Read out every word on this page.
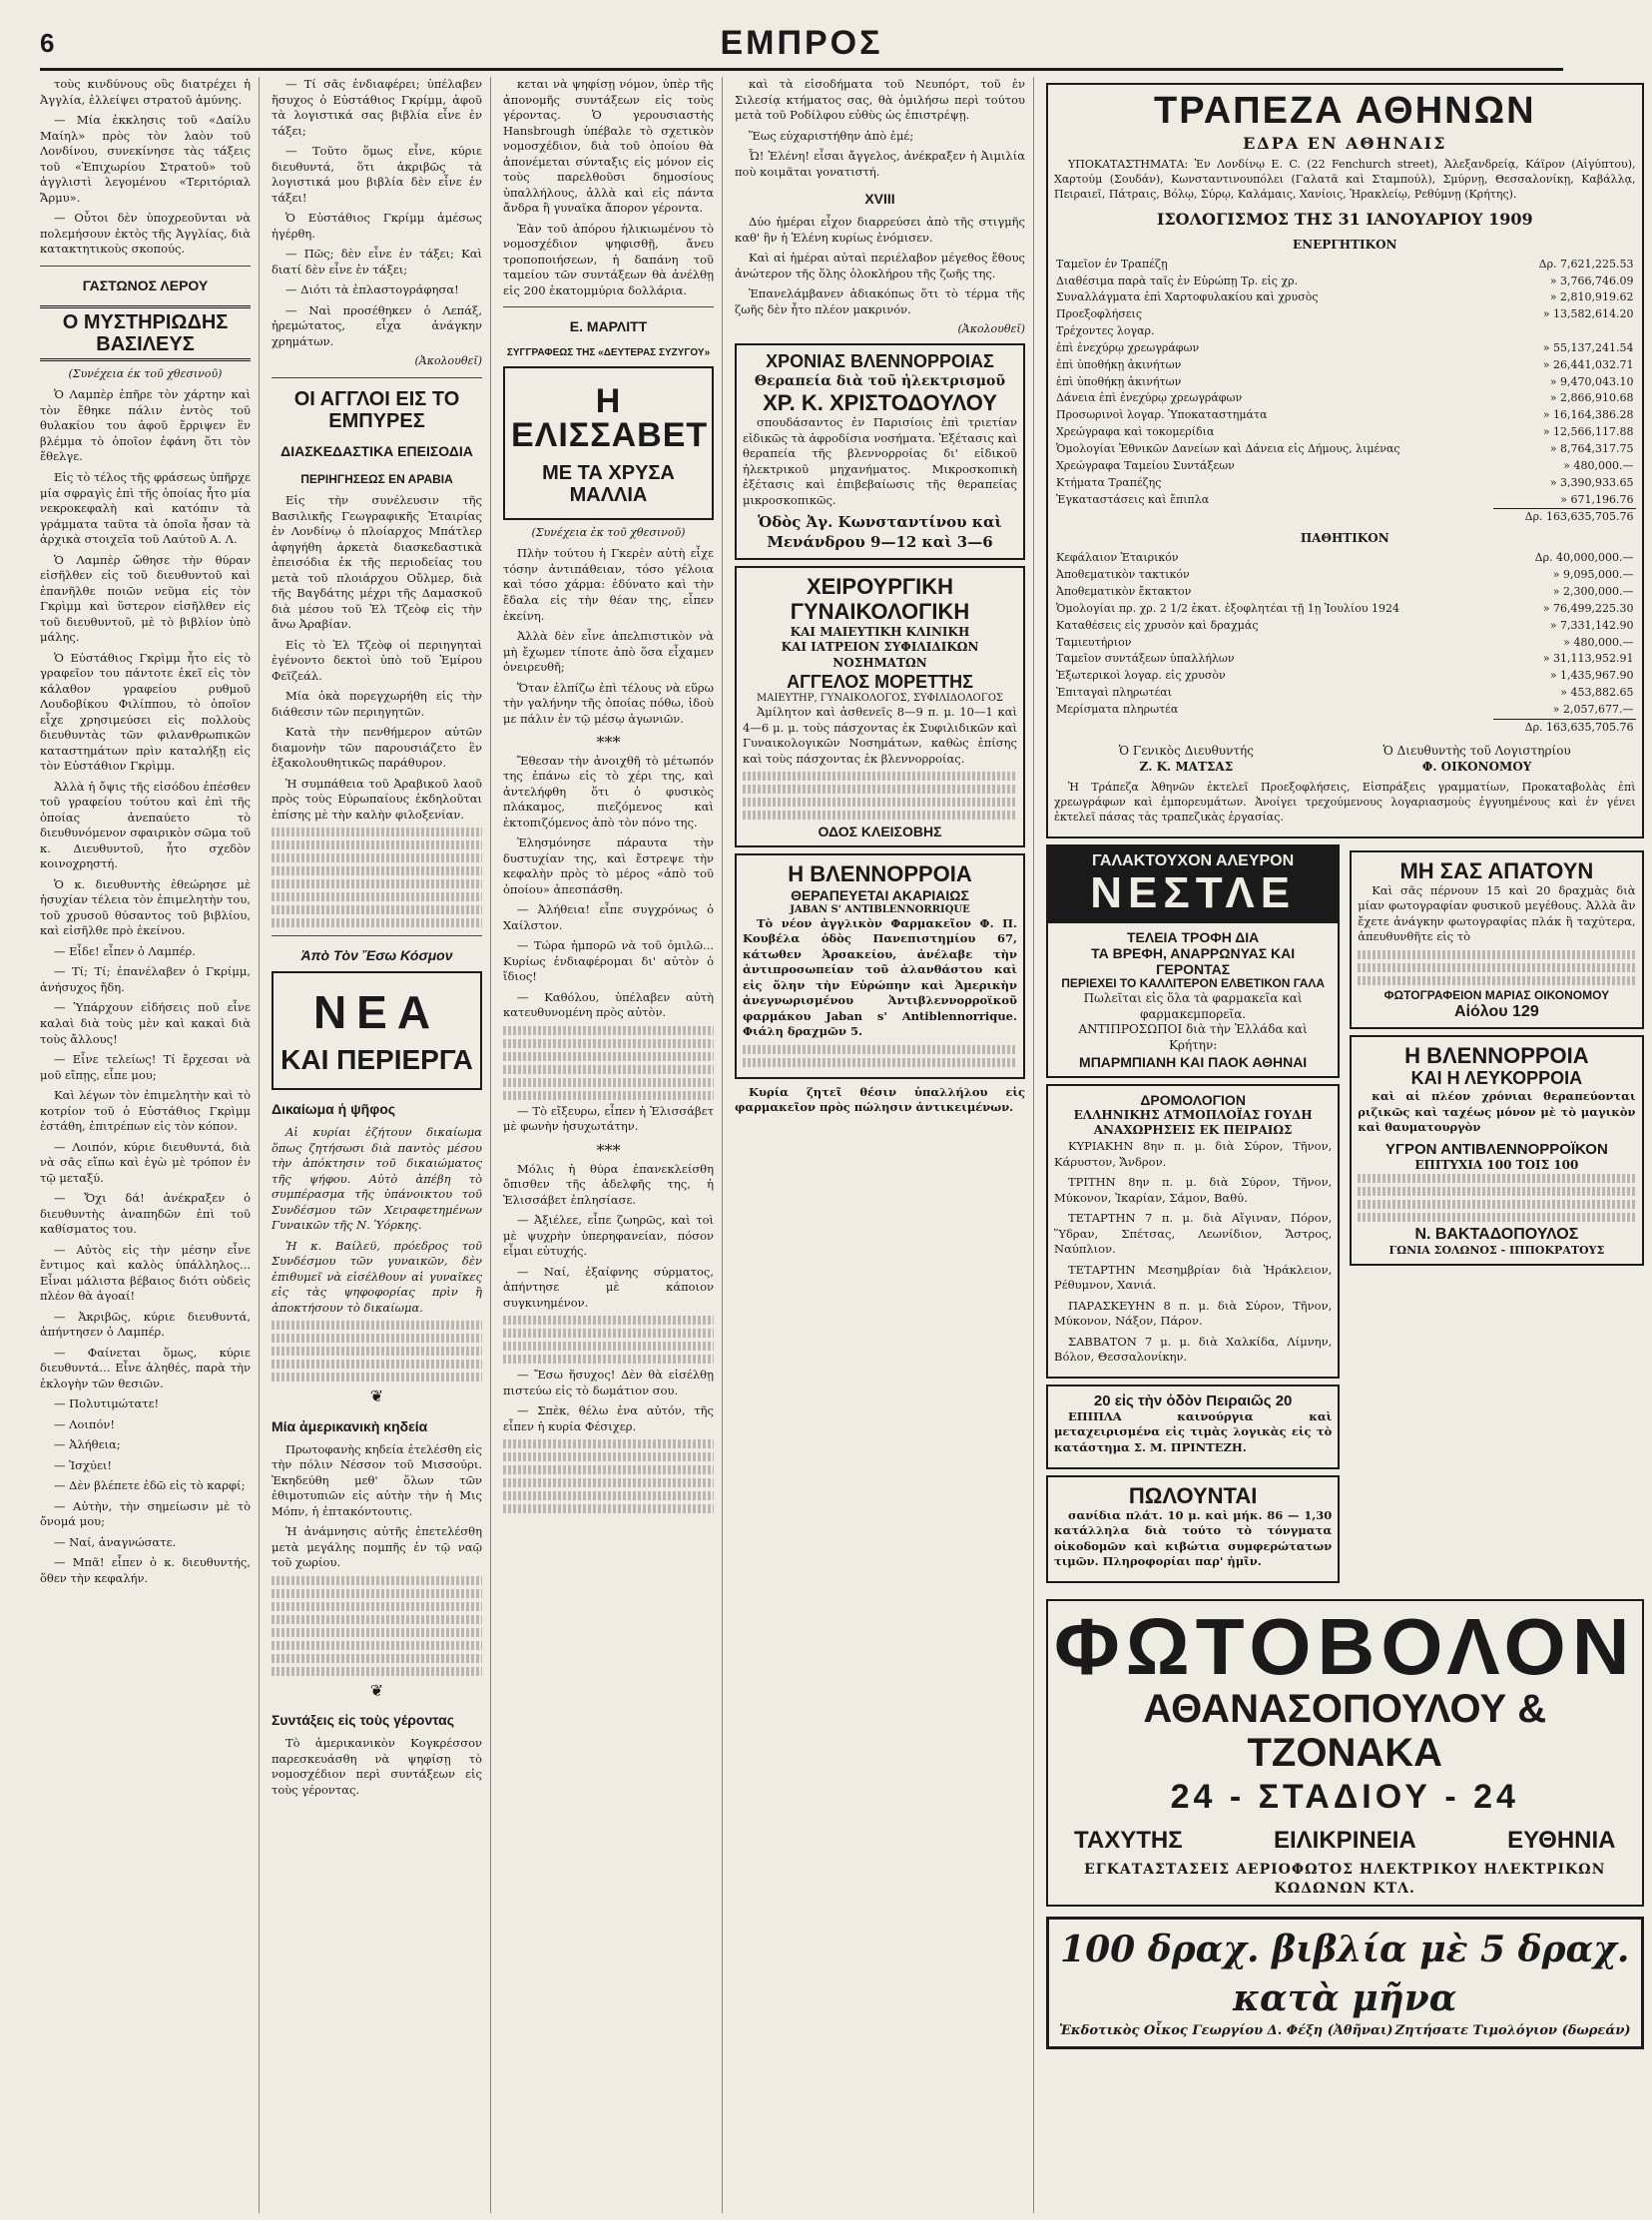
6	ΕΜΠΡΟΣ

τοὺς κινδύνους οὓς διατρέχει ἡ Ἀγγλία, ἐλλείψει στρατοῦ ἀμύνης.

— Μία ἐκκλησις τοῦ «Δαίλυ Μαίηλ» πρὸς τὸν λαὸν τοῦ Λονδίνου, συνεκίνησε τὰς τάξεις τοῦ «Ἐπιχωρίου Στρατοῦ» τοῦ ἀγγλιστὶ λεγομένου «Τεριτόριαλ Ἄρμυ».

— Οὗτοι δὲν ὑποχρεοῦνται νὰ πολεμήσουν ἐκτὸς τῆς Ἀγγλίας, διὰ κατακτητικοὺς σκοπούς.

ΓΑΣΤΩΝΟΣ ΛΕΡΟΥ
Ο ΜΥΣΤΗΡΙΩΔΗΣ ΒΑΣΙΛΕΥΣ
(Συνέχεια έκ τοῦ χθεσινοῦ)

Ὁ Λαμπὲρ ἐπῆρε τὸν χάρτην καὶ τὸν ἔθηκε πάλιν ἐντὸς τοῦ θυλακίου του ἀφοῦ ἔρριψεν ἓν βλέμμα τὸ ὁποῖον ἐφάνη ὅτι τὸν ἔθελγε.

Εἰς τὸ τέλος τῆς φράσεως ὑπῆρχε μία σφραγὶς ἐπὶ τῆς ὁποίας ἦτο μία νεκροκεφαλὴ καὶ κατόπιν τὰ γράμματα ταῦτα τὰ ὁποῖα ἦσαν τὰ ἀρχικὰ στοιχεῖα τοῦ Λαύτοῦ Α. Λ.

Ὁ Λαμπὲρ ὤθησε τὴν θύραν εἰσῆλθεν εἰς τοῦ διευθυντοῦ καὶ ἐπανῆλθε ποιῶν νεῦμα εἰς τὸν Γκρὶμμ καὶ ὕστερον εἰσῆλθεν εἰς τοῦ διευθυντοῦ, μὲ τὸ βιβλίον ὑπὸ μάλης.

Ὁ Εὐστάθιος Γκρὶμμ ἦτο εἰς τὸ γραφεῖον του πάντοτε ἐκεῖ εἰς τὸν κάλαθον γραφείου ρυθμοῦ Λουδοβίκου Φιλίππου, τὸ ὁποῖον εἶχε χρησιμεύσει εἰς πολλοὺς διευθυντὰς τῶν φιλανθρωπικῶν καταστημάτων πρὶν καταλήξῃ εἰς τὸν Εὐστάθιον Γκρὶμμ.

Ἀλλὰ ἡ ὄψις τῆς εἰσόδου ἐπέσθεν τοῦ γραφείου τούτου καὶ ἐπὶ τῆς ὁποίας ἀνεπαύετο τὸ διευθυνόμενον σφαιρικὸν σῶμα τοῦ κ. Διευθυντοῦ, ἦτο σχεδὸν κοινοχρηστή.

Ὁ κ. διευθυντὴς ἐθεώρησε μὲ ἡσυχίαν τέλεια τὸν ἐπιμελητὴν του, τοῦ χρυσοῦ θύσαντος τοῦ βιβλίου, καὶ εἰσῆλθε πρὸ ἐκείνου.

— Εἶδε! εἶπεν ὁ Λαμπέρ.

— Τί; Τί; ἐπανέλαβεν ὁ Γκρίμμ, ἀνήσυχος ἤδη.

— Ὑπάρχουν εἰδήσεις ποῦ εἶνε καλαὶ διὰ τοὺς μὲν καὶ κακαὶ διὰ τοὺς ἄλλους!

— Εἶνε τελείως! Τί ἔρχεσαι νὰ μοῦ εἴπῃς, εἶπε μου;

Καὶ λέγων τὸν ἐπιμελητὴν καὶ τὸ κοτρίον τοῦ ὁ Εὐστάθιος Γκρὶμμ ἐστάθη, ἐπιτρέπων εἰς τὸν κόπον.

— Λοιπόν, κύριε διευθυντά, διὰ νὰ σᾶς εἴπω καὶ ἐγὼ μὲ τρόπον ἐν τῷ μεταξύ.

— Ὄχι δά! ἀνέκραξεν ὁ διευθυντὴς ἀναπηδῶν ἐπὶ τοῦ καθίσματος του.

— Αὐτὸς εἰς τὴν μέσην εἶνε ἔντιμος καὶ καλὸς ὑπάλληλος... Εἶναι μάλιστα βέβαιος διότι οὐδεὶς πλέον θὰ ἀγοαί!

— Ἀκριβῶς, κύριε διευθυντά, ἀπήντησεν ὁ Λαμπέρ.

— Φαίνεται ὅμως, κύριε διευθυντά... Εἶνε ἀληθές, παρὰ τὴν ἐκλογὴν τῶν θεσιῶν.

— Πολυτιμώτατε!

— Λοιπόν!

— Ἀλήθεια;

— Ἰσχύει!

— Δὲν βλέπετε ἐδῶ εἰς τὸ καρφί;

— Αὐτὴν, τὴν σημείωσιν μὲ τὸ ὄνομά μου;

— Ναί, ἀναγνώσατε.

— Μπᾶ! εἶπεν ὁ κ. διευθυντής, ὅθεν τὴν κεφαλήν.

— Τί σᾶς ἐνδιαφέρει; ὑπέλαβεν ἥσυχος ὁ Εὐστάθιος Γκρίμμ, ἀφοῦ τὰ λογιστικά σας βιβλία εἶνε ἐν τάξει;

— Τοῦτο ὅμως εἶνε, κύριε διευθυντά, ὅτι ἀκριβῶς τὰ λογιστικά μου βιβλία δὲν εἶνε ἐν τάξει!

Ὁ Εὐστάθιος Γκρίμμ ἀμέσως ἠγέρθη.

— Πῶς; δὲν εἶνε ἐν τάξει; Καὶ διατί δὲν εἶνε ἐν τάξει;

— Διότι τὰ ἐπλαστογράφησα!

— Ναὶ προσέθηκεν ὁ Λεπάξ, ἠρεμώτατος, εἶχα ἀνάγκην χρημάτων.

(Ἀκολουθεῖ)
ΟΙ ΑΓΓΛΟΙ ΕΙΣ ΤΟ ΕΜΠΥΡΕΣ
ΔΙΑΣΚΕΔΑΣΤΙΚΑ ΕΠΕΙΣΟΔΙΑ
ΠΕΡΙΗΓΗΣΕΩΣ ΕΝ ΑΡΑΒΙΑ

Εἰς τὴν συνέλευσιν τῆς Βασιλικῆς Γεωγραφικῆς Ἑταιρίας ἐν Λονδίνῳ ὁ πλοίαρχος Μπάτλερ ἀφηγήθη ἀρκετὰ διασκεδαστικὰ ἐπεισόδια ἐκ τῆς περιοδείας του μετὰ τοῦ πλοιάρχου Οὔλμερ, διὰ τῆς Βαγδάτης μέχρι τῆς Δαμασκοῦ διὰ μέσου τοῦ Ἑλ Τζεὸφ εἰς τὴν ἄνω Ἀραβίαν.

Εἰς τὸ Ἑλ Τζεὸφ οἱ περιηγηταὶ ἐγένοντο δεκτοὶ ὑπὸ τοῦ Ἐμίρου Φεϊζεάλ.

Μία ὀκὰ πορεγχωρήθη εἰς τὴν διάθεσιν τῶν περιηγητῶν.

Κατὰ τὴν πενθήμερον αὐτῶν διαμονὴν τῶν παρουσιάζετο ἓν ἑξακολουθητικῶς παράθυρον.

Ἡ συμπάθεια τοῦ Ἀραβικοῦ λαοῦ πρὸς τοὺς Εὐρωπαίους ἐκδηλοῦται ἐπίσης μὲ τὴν καλὴν φιλοξενίαν.

Ἀπὸ Τὸν Ἔσω Κόσμον
ΝΕΑ
ΚΑΙ ΠΕΡΙΕΡΓΑ
Δικαίωμα ἡ ψῆφος

Αἱ κυρίαι ἐζήτουν δικαίωμα ὅπως ζητήσωσι διὰ παντὸς μέσου τὴν ἀπόκτησιν τοῦ δικαιώματος τῆς ψήφου. Αὐτὸ ἀπέβη τὸ συμπέρασμα τῆς ὑπάνοικτου τοῦ Συνδέσμου τῶν Χειραφετημένων Γυναικῶν τῆς Ν. Ὑόρκης.

Ἡ κ. Βαίλεϋ, πρόεδρος τοῦ Συνδέσμου τῶν γυναικῶν, δὲν ἐπιθυμεῖ νὰ εἰσέλθουν αἱ γυναῖκες εἰς τὰς ψηφοφορίας πρὶν ἢ ἀποκτήσουν τὸ δικαίωμα.

❦
Μία ἀμερικανικὴ κηδεία

Πρωτοφανὴς κηδεία ἐτελέσθη εἰς τὴν πόλιν Νέσσον τοῦ Μισσούρι. Ἐκηδεύθη μεθ' ὅλων τῶν ἐθιμοτυπιῶν εἰς αὐτὴν τὴν ἡ Μις Μόπν, ἡ ἐπτακόντουτις.

Ἡ ἀνάμνησις αὐτῆς ἐπετελέσθη μετὰ μεγάλης πομπῆς ἐν τῷ ναῷ τοῦ χωρίου.

❦
Συντάξεις εἰς τοὺς γέροντας

Τὸ ἀμερικανικὸν Κογκρέσσον παρεσκευάσθη νὰ ψηφίσῃ τὸ νομοσχέδιον περὶ συντάξεων εἰς τοὺς γέροντας.

κεται νὰ ψηφίσῃ νόμον, ὑπὲρ τῆς ἀπονομῆς συντάξεων εἰς τοὺς γέροντας. Ὁ γερουσιαστὴς Hansbrough ὑπέβαλε τὸ σχετικὸν νομοσχέδιον, διὰ τοῦ ὁποίου θὰ ἀπονέμεται σύνταξις εἰς μόνον εἰς τοὺς παρελθοῦσι δημοσίους ὑπαλλήλους, ἀλλὰ καὶ εἰς πάντα ἄνδρα ἢ γυναῖκα ἄπορον γέροντα.

Ἐὰν τοῦ ἀπόρου ἡλικιωμένου τὸ νομοσχέδιον ψηφισθῇ, ἄνευ τροποποιήσεων, ἡ δαπάνη τοῦ ταμείου τῶν συντάξεων θὰ ἀνέλθῃ εἰς 200 ἑκατομμύρια δολλάρια.

Ε. ΜΑΡΛΙΤΤ
ΣΥΓΓΡΑΦΕΩΣ ΤΗΣ «ΔΕΥΤΕΡΑΣ ΣΥΖΥΓΟΥ»
Η ΕΛΙΣΣΑΒΕΤ
ΜΕ ΤΑ ΧΡΥΣΑ ΜΑΛΛΙΑ
(Συνέχεια ἐκ τοῦ χθεσινοῦ)

Πλὴν τούτου ἡ Γκερὲν αὐτὴ εἶχε τόσην ἀντιπάθειαν, τόσο γέλοια καὶ τόσο χάρμα: ἐδύνατο καὶ τὴν ἔδαλα εἰς τὴν θέαν της, εἶπεν ἐκείνη.

Ἀλλὰ δὲν εἶνε ἀπελπιστικὸν νὰ μὴ ἔχωμεν τίποτε ἀπὸ ὅσα εἶχαμεν ὀνειρευθῆ;

Ὅταν ἐλπίζω ἐπὶ τέλους νὰ εὕρω τὴν γαλήνην τῆς ὁποίας πόθω, ἰδοὺ με πάλιν ἐν τῷ μέσῳ ἀγωνιῶν.

***

Ἔθεσαν τὴν ἀνοιχθῆ τὸ μέτωπόν της ἐπάνω εἰς τὸ χέρι της, καὶ ἀντελήφθη ὅτι ὁ φυσικὸς πλάκαμος, πιεζόμενος καὶ ἐκτοπιζόμενος ἀπὸ τὸν πόνο της.

Ἐλησμόνησε πάραυτα τὴν δυστυχίαν της, καὶ ἔστρεψε τὴν κεφαλὴν πρὸς τὸ μέρος «ἀπὸ τοῦ ὁποίου» ἀπεσπάσθη.

— Ἀλήθεια! εἶπε συγχρόνως ὁ Χαίλστον.

— Τώρα ἠμπορῶ νὰ τοῦ ὁμιλῶ... Κυρίως ἐνδιαφέρομαι δι' αὐτὸν ὁ ἴδιος!

— Καθόλου, ὑπέλαβεν αὐτὴ κατευθυνομένη πρὸς αὐτὸν.

— Τὸ εἴξευρω, εἶπεν ἡ Ἑλισσάβετ μὲ φωνὴν ἡσυχωτάτην.

***

Μόλις ἡ θύρα ἐπανεκλείσθη ὄπισθεν τῆς ἀδελφῆς της, ἡ Ἑλισσάβετ ἐπλησίασε.

— Ἀξιέλεε, εἶπε ζωηρῶς, καὶ τοὶ μὲ ψυχρὴν ὑπερηφανείαν, πόσον εἶμαι εὐτυχής.

— Ναί, ἐξαίφνης σύρματος, ἀπήντησε μὲ κάποιον συγκινημένον.

— Ἔσω ἥσυχος! Δὲν θὰ εἰσέλθῃ πιστεύω εἰς τὸ δωμάτιον σου.

— Σπὲκ, θέλω ἐνα αὐτόν, τῆς εἶπεν ἡ κυρία Φέσιχερ.

καὶ τὰ εἰσοδήματα τοῦ Νευπόρτ, τοῦ ἐν Σιλεσίᾳ κτήματος σας, θὰ ὁμιλήσω περὶ τούτου μετὰ τοῦ Ροδίλφου εὐθὺς ὡς ἐπιστρέψῃ.

Ἕως εὐχαριστήθην ἀπὸ ἐμέ;

Ὦ! Ἑλένη! εἶσαι ἄγγελος, ἀνέκραξεν ἡ Ἀιμιλία ποὺ κοιμᾶται γονατιστή.

XVIII

Δύο ἡμέραι εἶχον διαρρεύσει ἀπὸ τῆς στιγμῆς καθ' ἣν ἡ Ἑλένη κυρίως ἐνόμισεν.

Καὶ αἱ ἡμέραι αὐταὶ περιέλαβον μέγεθος ἔθους ἀνώτερον τῆς ὅλης ὁλοκλήρου τῆς ζωῆς της.

Ἐπανελάμβανεν ἀδιακόπως ὅτι τὸ τέρμα τῆς ζωῆς δὲν ἦτο πλέον μακρινόν.

(Ἀκολουθεῖ)
ΧΡΟΝΙΑΣ ΒΛΕΝΝΟΡΡΟΙΑΣ
Θεραπεία διὰ τοῦ ἠλεκτρισμοῦ
ΧΡ. Κ. ΧΡΙΣΤΟΔΟΥΛΟΥ

σπουδάσαντος ἐν Παρισίοις ἐπὶ τριετίαν εἰδικῶς τὰ ἀφροδίσια νοσήματα. Ἐξέτασις καὶ θεραπεία τῆς βλεννορροίας δι' εἰδικοῦ ἠλεκτρικοῦ μηχανήματος. Μικροσκοπικὴ ἐξέτασις καὶ ἐπιβεβαίωσις τῆς θεραπείας μικροσκοπικῶς.

Ὁδὸς Ἀγ. Κωνσταντίνου καὶ Μενάνδρου 9—12 καὶ 3—6
ΧΕΙΡΟΥΡΓΙΚΗ ΓΥΝΑΙΚΟΛΟΓΙΚΗ
ΚΑΙ ΜΑΙΕΥΤΙΚΗ ΚΛΙΝΙΚΗ
ΚΑΙ ΙΑΤΡΕΙΟΝ ΣΥΦΙΛΙΔΙΚΩΝ ΝΟΣΗΜΑΤΩΝ
ΑΓΓΕΛΟΣ ΜΟΡΕΤΤΗΣ
ΜΑΙΕΥΤΗΡ, ΓΥΝΑΙΚΟΛΟΓΟΣ, ΣΥΦΙΛΙΔΟΛΟΓΟΣ

Ἀμίλητον καὶ ἀσθενεῖς 8—9 π. μ. 10—1 καὶ 4—6 μ. μ. τοὺς πάσχοντας ἐκ Συφιλιδικῶν καὶ Γυναικολογικῶν Νοσημάτων, καθὼς ἐπίσης καὶ τοὺς πάσχοντας ἐκ βλεννορροίας.

ΟΔΟΣ ΚΛΕΙΣΟΒΗΣ
Η ΒΛΕΝΝΟΡΡΟΙΑ
ΘΕΡΑΠΕΥΕΤΑΙ ΑΚΑΡΙΑΙΩΣ
JABAN S' ANTIBLENNORRIQUE

Τὸ νέον ἀγγλικὸν Φαρμακεῖον Φ. Π. Κουβέλα ὁδὸς Πανεπιστημίου 67, κάτωθεν Ἀρσακείου, ἀνέλαβε τὴν ἀντιπροσωπείαν τοῦ ἀλανθάστου καὶ εἰς ὅλην τὴν Εὐρώπην καὶ Ἀμερικὴν ἀνεγνωρισμένου Ἀντιβλεννορροϊκοῦ φαρμάκου Jaban s' Antiblennorrique. Φιάλη δραχμῶν 5.

Κυρία ζητεῖ θέσιν ὑπαλλήλου εἰς φαρμακεῖον πρὸς πώλησιν ἀντικειμένων.

ΤΡΑΠΕΖΑ ΑΘΗΝΩΝ
ΕΔΡΑ ΕΝ ΑΘΗΝΑΙΣ

ΥΠΟΚΑΤΑΣΤΗΜΑΤΑ: Ἐν Λονδίνῳ E. C. (22 Fenchurch street), Ἀλεξανδρείᾳ, Κάϊρον (Αἰγύπτου), Χαρτούμ (Σουδάν), Κωνσταντινουπόλει (Γαλατᾶ καὶ Σταμπούλ), Σμύρνῃ, Θεσσαλονίκῃ, Καβάλλᾳ, Πειραιεῖ, Πάτραις, Βόλῳ, Σύρῳ, Καλάμαις, Χανίοις, Ἡρακλείῳ, Ρεθύμνῃ (Κρήτης).

ΙΣΟΛΟΓΙΣΜΟΣ ΤΗΣ 31 ΙΑΝΟΥΑΡΙΟΥ 1909
ΕΝΕΡΓΗΤΙΚΟΝ
Ταμεῖον ἐν Τραπέζῃ	Δρ. 7,621,225.53
Διαθέσιμα παρὰ ταῖς ἐν Εὐρώπῃ Τρ. εἰς χρ.	» 3,766,746.09
Συναλλάγματα ἐπὶ Χαρτοφυλακίου καὶ χρυσὸς	» 2,810,919.62
Προεξοφλήσεις	» 13,582,614.20
Τρέχοντες λογαρ.	
ἐπὶ ἐνεχύρῳ χρεωγράφων	» 55,137,241.54
ἐπὶ ὑποθήκῃ ἀκινήτων	» 26,441,032.71
ἐπὶ ὑποθήκῃ ἀκινήτων	» 9,470,043.10
Δάνεια ἐπὶ ἐνεχύρῳ χρεωγράφων	» 2,866,910.68
Προσωρινοὶ λογαρ. Ὑποκαταστημάτα	» 16,164,386.28
Χρεώγραφα καὶ τοκομερίδια	» 12,566,117.88
Ὁμολογίαι Ἐθνικῶν Δανείων καὶ Δάνεια εἰς Δήμους, λιμένας	» 8,764,317.75
Χρεώγραφα Ταμείου Συντάξεων	» 480,000.—
Κτήματα Τραπέζης	» 3,390,933.65
Ἐγκαταστάσεις καὶ ἔπιπλα	» 671,196.76
	Δρ. 163,635,705.76
ΠΑΘΗΤΙΚΟΝ
Κεφάλαιον Ἑταιρικόν	Δρ. 40,000,000.—
Ἀποθεματικὸν τακτικόν	» 9,095,000.—
Ἀποθεματικὸν ἔκτακτον	» 2,300,000.—
Ὁμολογίαι πρ. χρ. 2 1/2 ἐκατ. ἐξοφλητέαι τῇ 1ῃ Ἰουλίου 1924	» 76,499,225.30
Καταθέσεις εἰς χρυσὸν καὶ δραχμάς	» 7,331,142.90
Ταμιευτήριον	» 480,000.—
Ταμεῖον συντάξεων ὑπαλλήλων	» 31,113,952.91
Ἐξωτερικοὶ λογαρ. εἰς χρυσὸν	» 1,435,967.90
Ἐπιταγαὶ πληρωτέαι	» 453,882.65
Μερίσματα πληρωτέα	» 2,057,677.—
	Δρ. 163,635,705.76
Ὁ Γενικὸς Διευθυντής
Ζ. Κ. ΜΑΤΣΑΣ
Ὁ Διευθυντὴς τοῦ Λογιστηρίου
Φ. ΟΙΚΟΝΟΜΟΥ

Ἡ Τράπεζα Ἀθηνῶν ἐκτελεῖ Προεξοφλήσεις, Εἰσπράξεις γραμματίων, Προκαταβολὰς ἐπὶ χρεωγράφων καὶ ἐμπορευμάτων. Ἀνοίγει τρεχούμενους λογαριασμοὺς ἐγγυημένους καὶ ἐν γένει ἐκτελεῖ πάσας τὰς τραπεζικὰς ἐργασίας.

ΓΑΛΑΚΤΟΥΧΟΝ ΑΛΕΥΡΟΝ
ΝΕΣΤΛΕ
ΤΕΛΕΙΑ ΤΡΟΦΗ ΔΙΑ
ΤΑ ΒΡΕΦΗ, ΑΝΑΡΡΩΝΥΑΣ ΚΑΙ ΓΕΡΟΝΤΑΣ
ΠΕΡΙΕΧΕΙ ΤΟ ΚΑΛΛΙΤΕΡΟΝ ΕΛΒΕΤΙΚΟΝ ΓΑΛΑ
Πωλεῖται εἰς ὅλα τὰ φαρμακεῖα καὶ φαρμακεμπορεῖα.
ΑΝΤΙΠΡΟΣΩΠΟΙ διὰ τὴν Ἑλλάδα καὶ Κρήτην:
ΜΠΑΡΜΠΙΑΝΗ ΚΑΙ ΠΑΟΚ ΑΘΗΝΑΙ
ΔΡΟΜΟΛΟΓΙΟΝ
ΕΛΛΗΝΙΚΗΣ ΑΤΜΟΠΛΟΪΑΣ ΓΟΥΔΗ
ΑΝΑΧΩΡΗΣΕΙΣ ΕΚ ΠΕΙΡΑΙΩΣ

ΚΥΡΙΑΚΗΝ 8ην π. μ. διὰ Σύρον, Τῆνον, Κάρυστον, Ἄνδρον.

ΤΡΙΤΗΝ 8ην π. μ. διὰ Σύρον, Τῆνον, Μύκονον, Ἰκαρίαν, Σάμον, Βαθύ.

ΤΕΤΑΡΤΗΝ 7 π. μ. διὰ Αἴγιναν, Πόρον, Ὕδραν, Σπέτσας, Λεωνίδιον, Ἄστρος, Ναύπλιον.

ΤΕΤΑΡΤΗΝ Μεσημβρίαν διὰ Ἡράκλειον, Ρέθυμνον, Χανιά.

ΠΑΡΑΣΚΕΥΗΝ 8 π. μ. διὰ Σύρον, Τῆνον, Μύκονον, Νάξον, Πάρον.

ΣΑΒΒΑΤΟΝ 7 μ. μ. διὰ Χαλκίδα, Λίμνην, Βόλον, Θεσσαλονίκην.

20 εἰς τὴν ὁδὸν Πειραιῶς 20

ΕΠΙΠΛΑ καινούργια καὶ μεταχειρισμένα εἰς τιμὰς λογικὰς εἰς τὸ κατάστημα Σ. Μ. ΠΡΙΝΤΕΖΗ.

ΠΩΛΟΥΝΤΑΙ

σανίδια πλάτ. 10 μ. καὶ μήκ. 86 — 1,30 κατάλληλα διὰ τούτο τὸ τόνγματα οἰκοδομῶν καὶ κιβώτια συμφερώτατων τιμῶν. Πληροφορίαι παρ' ἡμῖν.

ΜΗ ΣΑΣ ΑΠΑΤΟΥΝ

Καὶ σᾶς πέρνουν 15 καὶ 20 δραχμὰς διὰ μίαν φωτογραφίαν φυσικοῦ μεγέθους. Ἀλλὰ ἂν ἔχετε ἀνάγκην φωτογραφίας πλάκ ἢ ταχύτερα, ἀπευθυνθῆτε εἰς τὸ

ΦΩΤΟΓΡΑΦΕΙΟΝ ΜΑΡΙΑΣ ΟΙΚΟΝΟΜΟΥ
Αἰόλου 129
Η ΒΛΕΝΝΟΡΡΟΙΑ
ΚΑΙ Η ΛΕΥΚΟΡΡΟΙΑ

καὶ αἱ πλέον χρόνιαι θεραπεύονται ριζικῶς καὶ ταχέως μόνον μὲ τὸ μαγικὸν καὶ θαυματουργὸν

ΥΓΡΟΝ ΑΝΤΙΒΛΕΝΝΟΡΡΟΪΚΟΝ
ΕΠΙΤΥΧΙΑ 100 ΤΟΙΣ 100
Ν. ΒΑΚΤΑΔΟΠΟΥΛΟΣ
ΓΩΝΙΑ ΣΟΛΩΝΟΣ - ΙΠΠΟΚΡΑΤΟΥΣ
ΦΩΤΟΒΟΛΟΝ
ΑΘΑΝΑΣΟΠΟΥΛΟΥ & ΤΖΟΝΑΚΑ
24 - ΣΤΑΔΙΟΥ - 24
ΤΑΧΥΤΗΣ	ΕΙΛΙΚΡΙΝΕΙΑ	ΕΥΘΗΝΙΑ
ΕΓΚΑΤΑΣΤΑΣΕΙΣ ΑΕΡΙΟΦΩΤΟΣ ΗΛΕΚΤΡΙΚΟΥ ΗΛΕΚΤΡΙΚΩΝ ΚΩΔΩΝΩΝ ΚΤΛ.
100 δραχ. βιβλία μὲ 5 δραχ. κατὰ μῆνα
Ἐκδοτικὸς Οἶκος Γεωργίου Δ. Φέξη (Ἀθῆναι) Ζητήσατε Τιμολόγιον (δωρεάν)
